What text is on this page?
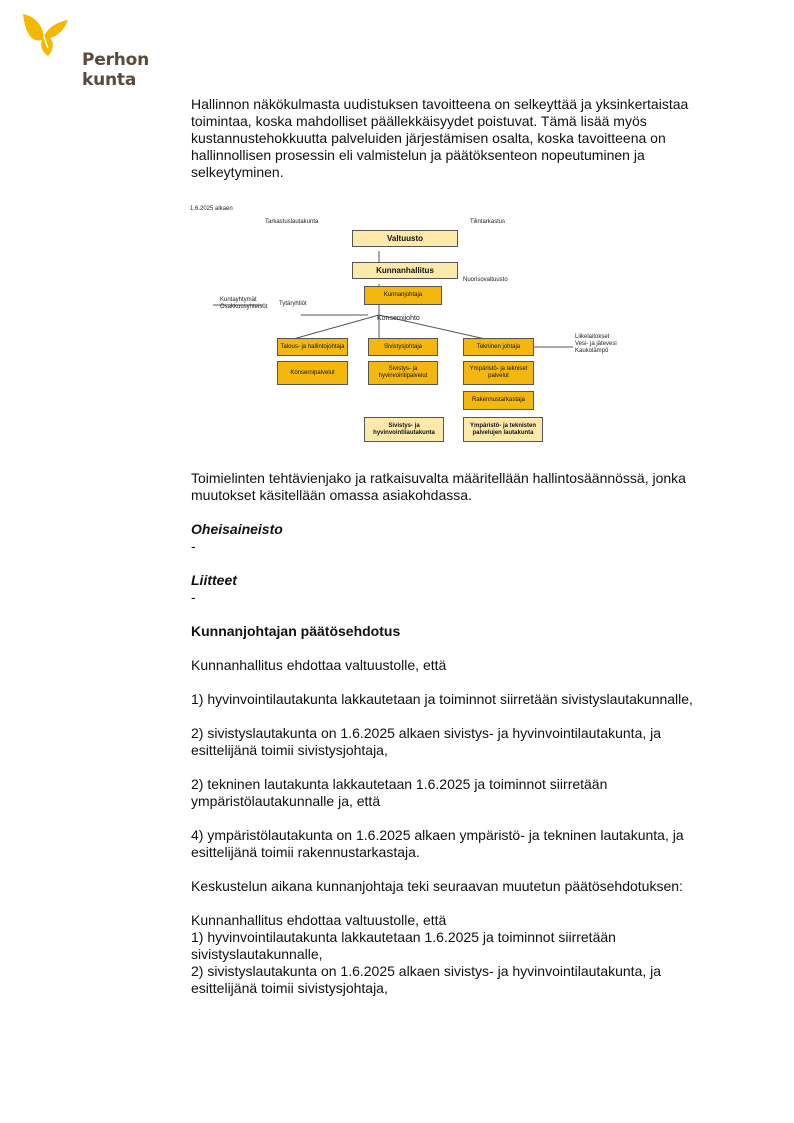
Perhon kunta

Hallinnon näkökulmasta uudistuksen tavoitteena on selkeyttää ja yksinkertaistaa toimintaa, koska mahdolliset päällekkäisyydet poistuvat. Tämä lisää myös kustannustehokkuutta palveluiden järjestämisen osalta, koska tavoitteena on hallinnollisen prosessin eli valmistelun ja päätöksenteon nopeutuminen ja selkeytyminen.

1.6.2025 alkaen
Tarkastuslautakunta	Tilintarkastus
Valtuusto
Kunnanhallitus
Nuorisovaltuusto
Kunnanjohtaja
Kuntayhtymät
Osakkuusyhteisöt Tytäryhtiöt
Konsernijohto
Talous- ja hallintojohtaja	Sivistysjohtaja	Tekninen johtaja
Liikelaitokset
Vesi- ja jätevesi
Kaukolämpö
Konsernipalvelut
Sivistys- ja hyvinvointipalvelut
Ympäristö- ja tekniset palvelut
Rakennustarkastaja
Sivistys- ja hyvinvointilautakunta
Ympäristö- ja teknisten palvelujen lautakunta

Toimielinten tehtävienjako ja ratkaisuvalta määritellään hallintosäännössä, jonka muutokset käsitellään omassa asiakohdassa.

Oheisaineisto

-

Liitteet

-

Kunnanjohtajan päätösehdotus

Kunnanhallitus ehdottaa valtuustolle, että

1) hyvinvointilautakunta lakkautetaan ja toiminnot siirretään sivistyslautakunnalle,

2) sivistyslautakunta on 1.6.2025 alkaen sivistys- ja hyvinvointilautakunta, ja esittelijänä toimii sivistysjohtaja,

2) tekninen lautakunta lakkautetaan 1.6.2025 ja toiminnot siirretään ympäristölautakunnalle ja, että

4) ympäristölautakunta on 1.6.2025 alkaen ympäristö- ja tekninen lautakunta, ja esittelijänä toimii rakennustarkastaja.

Keskustelun aikana kunnanjohtaja teki seuraavan muutetun päätösehdotuksen:

Kunnanhallitus ehdottaa valtuustolle, että

1) hyvinvointilautakunta lakkautetaan 1.6.2025 ja toiminnot siirretään sivistyslautakunnalle,

2) sivistyslautakunta on 1.6.2025 alkaen sivistys- ja hyvinvointilautakunta, ja esittelijänä toimii sivistysjohtaja,
